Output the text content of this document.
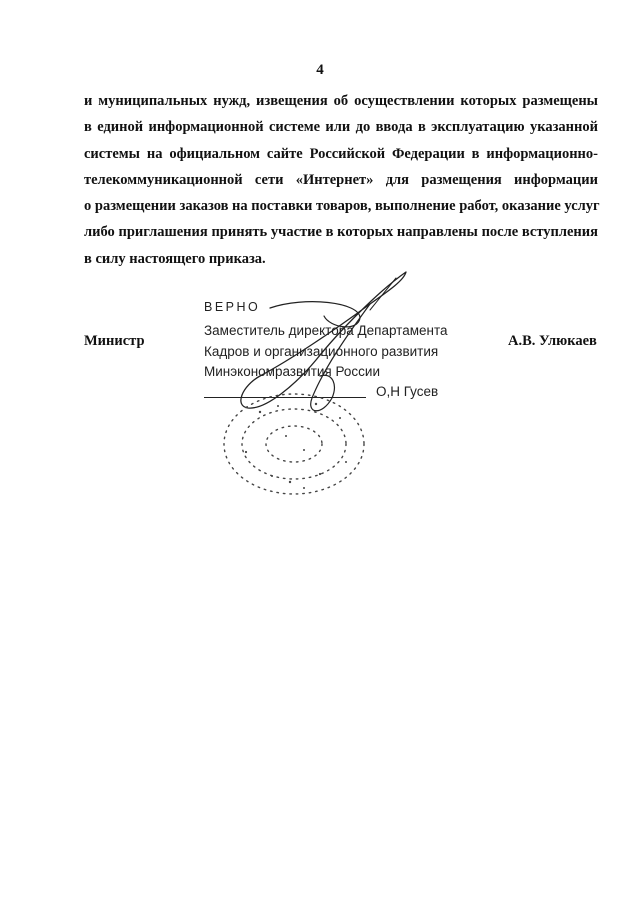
4
и муниципальных нужд, извещения об осуществлении которых размещены
в единой информационной системе или до ввода в эксплуатацию указанной
системы на официальном сайте Российской Федерации в информационно-
телекоммуникационной сети «Интернет» для размещения информации
о размещении заказов на поставки товаров, выполнение работ, оказание услуг
либо приглашения принять участие в которых направлены после вступления
в силу настоящего приказа.
Министр	А.В. Улюкаев
ВЕРНО
Заместитель директора Департамента
Кадров и организационного развития
Минэкономразвития России
О,Н Гусев
